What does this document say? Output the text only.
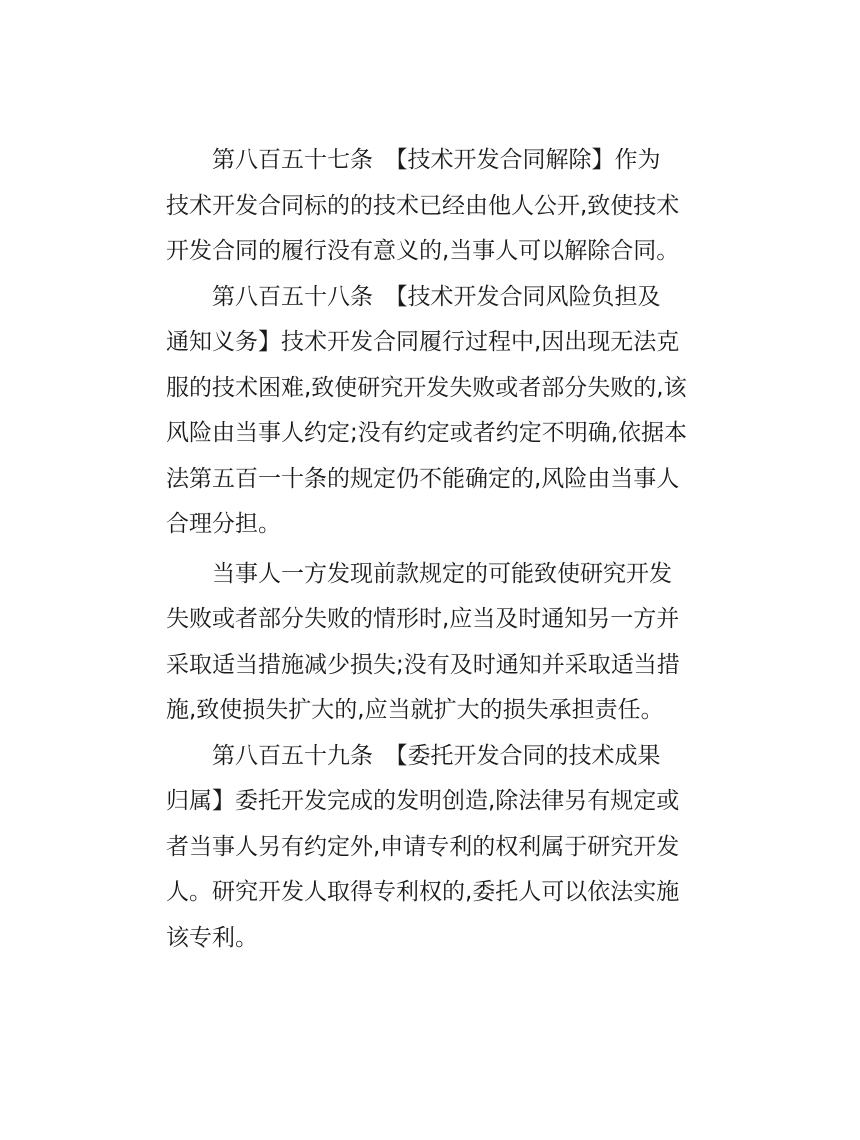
第八百五十七条　【技术开发合同解除】作为
技术开发合同标的的技术已经由他人公开,致使技术
开发合同的履行没有意义的,当事人可以解除合同。
第八百五十八条　【技术开发合同风险负担及
通知义务】技术开发合同履行过程中,因出现无法克
服的技术困难,致使研究开发失败或者部分失败的,该
风险由当事人约定;没有约定或者约定不明确,依据本
法第五百一十条的规定仍不能确定的,风险由当事人
合理分担。
当事人一方发现前款规定的可能致使研究开发
失败或者部分失败的情形时,应当及时通知另一方并
采取适当措施减少损失;没有及时通知并采取适当措
施,致使损失扩大的,应当就扩大的损失承担责任。
第八百五十九条　【委托开发合同的技术成果
归属】委托开发完成的发明创造,除法律另有规定或
者当事人另有约定外,申请专利的权利属于研究开发
人。研究开发人取得专利权的,委托人可以依法实施
该专利。
